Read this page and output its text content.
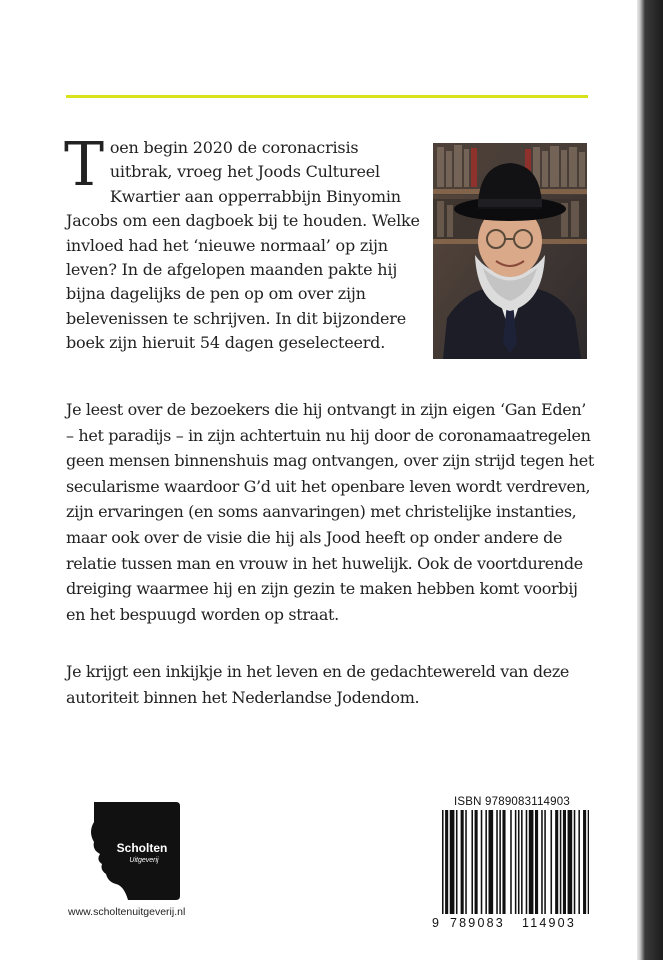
Toen begin 2020 de coronacrisis uitbrak, vroeg het Joods Cultureel Kwartier aan opperrabbijn Binyomin Jacobs om een dagboek bij te houden. Welke invloed had het ‘nieuwe normaal’ op zijn leven? In de afgelopen maanden pakte hij bijna dagelijks de pen op om over zijn belevenissen te schrijven. In dit bijzondere boek zijn hieruit 54 dagen geselecteerd.

Je leest over de bezoekers die hij ontvangt in zijn eigen ‘Gan Eden’ – het paradijs – in zijn achtertuin nu hij door de coronamaatregelen geen mensen binnenshuis mag ontvangen, over zijn strijd tegen het secularisme waardoor G’d uit het openbare leven wordt verdreven, zijn ervaringen (en soms aanvaringen) met christelijke instanties, maar ook over de visie die hij als Jood heeft op onder andere de relatie tussen man en vrouw in het huwelijk. Ook de voortdurende dreiging waarmee hij en zijn gezin te maken hebben komt voorbij en het bespuugd worden op straat.

Je krijgt een inkijkje in het leven en de gedachtewereld van deze autoriteit binnen het Nederlandse Jodendom.

Scholten
Uitgeverij
www.scholtenuitgeverij.nl
ISBN 9789083114903
9 789083 114903
